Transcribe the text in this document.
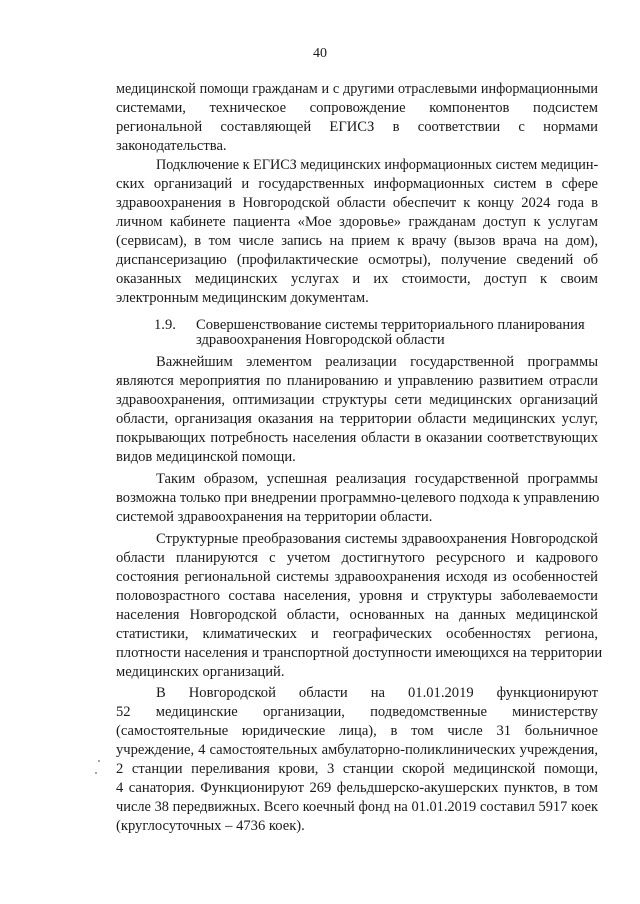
40
медицинской помощи гражданам и с другими отраслевыми информационными
системами, техническое сопровождение компонентов подсистем
региональной составляющей ЕГИСЗ в соответствии с нормами
законодательства.
Подключение к ЕГИСЗ медицинских информационных систем медицин-
ских организаций и государственных информационных систем в сфере
здравоохранения в Новгородской области обеспечит к концу 2024 года в
личном кабинете пациента «Мое здоровье» гражданам доступ к услугам
(сервисам), в том числе запись на прием к врачу (вызов врача на дом),
диспансеризацию (профилактические осмотры), получение сведений об
оказанных медицинских услугах и их стоимости, доступ к своим
электронным медицинским документам.
1.9. Совершенствование системы территориального планирования
здравоохранения Новгородской области
Важнейшим элементом реализации государственной программы
являются мероприятия по планированию и управлению развитием отрасли
здравоохранения, оптимизации структуры сети медицинских организаций
области, организация оказания на территории области медицинских услуг,
покрывающих потребность населения области в оказании соответствующих
видов медицинской помощи.
Таким образом, успешная реализация государственной программы
возможна только при внедрении программно-целевого подхода к управлению
системой здравоохранения на территории области.
Структурные преобразования системы здравоохранения Новгородской
области планируются с учетом достигнутого ресурсного и кадрового
состояния региональной системы здравоохранения исходя из особенностей
половозрастного состава населения, уровня и структуры заболеваемости
населения Новгородской области, основанных на данных медицинской
статистики, климатических и географических особенностях региона,
плотности населения и транспортной доступности имеющихся на территории
медицинских организаций.
В Новгородской области на 01.01.2019 функционируют
52 медицинские организации, подведомственные министерству
(самостоятельные юридические лица), в том числе 31 больничное
учреждение, 4 самостоятельных амбулаторно-поликлинических учреждения,
2 станции переливания крови, 3 станции скорой медицинской помощи,
4 санатория. Функционируют 269 фельдшерско-акушерских пунктов, в том
числе 38 передвижных. Всего коечный фонд на 01.01.2019 составил 5917 коек
(круглосуточных – 4736 коек).
